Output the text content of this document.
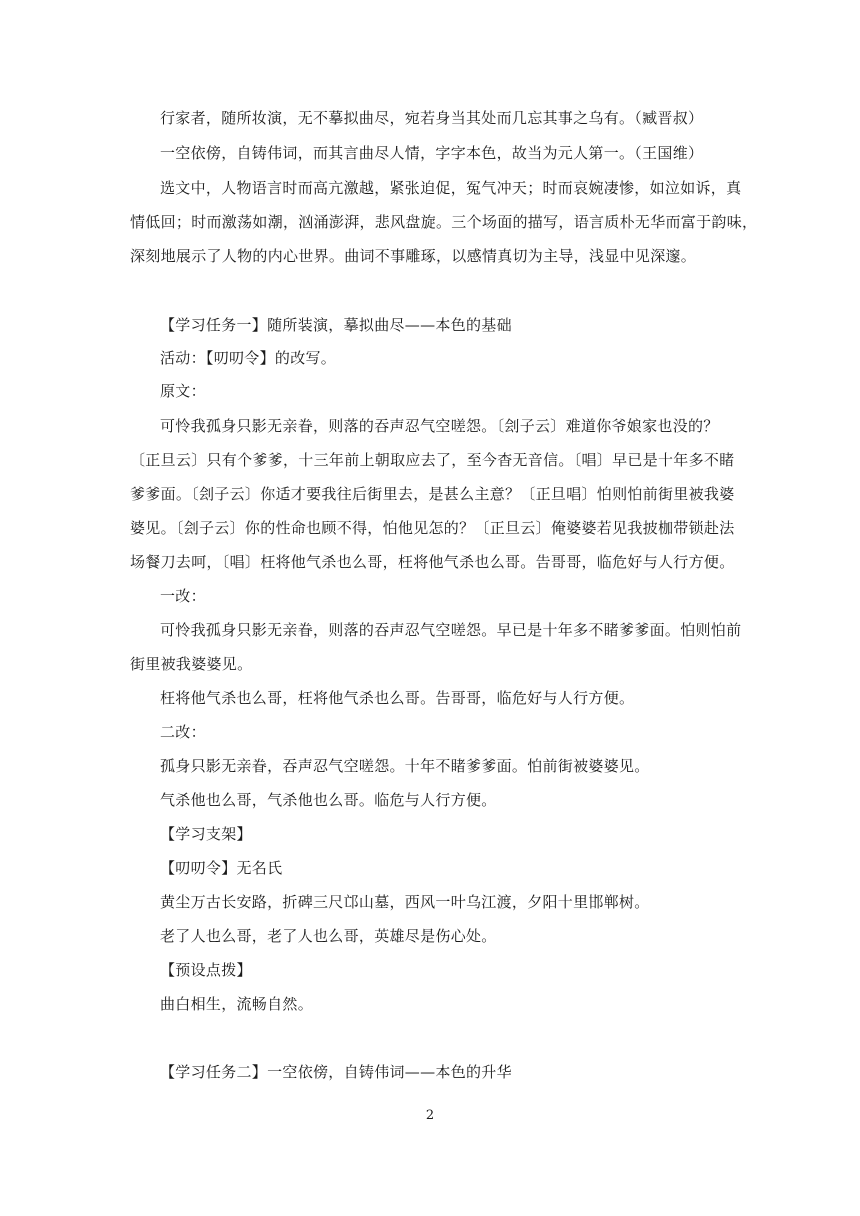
行家者，随所妆演，无不摹拟曲尽，宛若身当其处而几忘其事之乌有。（臧晋叔）
一空依傍，自铸伟词，而其言曲尽人情，字字本色，故当为元人第一。（王国维）
选文中，人物语言时而高亢激越，紧张迫促，冤气冲天；时而哀婉凄惨，如泣如诉，真
情低回；时而激荡如潮，汹涌澎湃，悲风盘旋。三个场面的描写，语言质朴无华而富于韵味，
深刻地展示了人物的内心世界。曲词不事雕琢，以感情真切为主导，浅显中见深邃。
【学习任务一】随所装演，摹拟曲尽——本色的基础
活动：【叨叨令】的改写。
原文：
可怜我孤身只影无亲眷，则落的吞声忍气空嗟怨。〔刽子云〕难道你爷娘家也没的？
〔正旦云〕只有个爹爹，十三年前上朝取应去了，至今杳无音信。〔唱〕早已是十年多不睹
爹爹面。〔刽子云〕你适才要我往后街里去，是甚么主意？〔正旦唱〕怕则怕前街里被我婆
婆见。〔刽子云〕你的性命也顾不得，怕他见怎的？〔正旦云〕俺婆婆若见我披枷带锁赴法
场餐刀去呵，〔唱〕枉将他气杀也么哥，枉将他气杀也么哥。告哥哥，临危好与人行方便。
一改：
可怜我孤身只影无亲眷，则落的吞声忍气空嗟怨。早已是十年多不睹爹爹面。怕则怕前
街里被我婆婆见。
枉将他气杀也么哥，枉将他气杀也么哥。告哥哥，临危好与人行方便。
二改：
孤身只影无亲眷，吞声忍气空嗟怨。十年不睹爹爹面。怕前街被婆婆见。
气杀他也么哥，气杀他也么哥。临危与人行方便。
【学习支架】
【叨叨令】无名氏
黄尘万古长安路，折碑三尺邙山墓，西风一叶乌江渡，夕阳十里邯郸树。
老了人也么哥，老了人也么哥，英雄尽是伤心处。
【预设点拨】
曲白相生，流畅自然。
【学习任务二】一空依傍，自铸伟词——本色的升华
2
